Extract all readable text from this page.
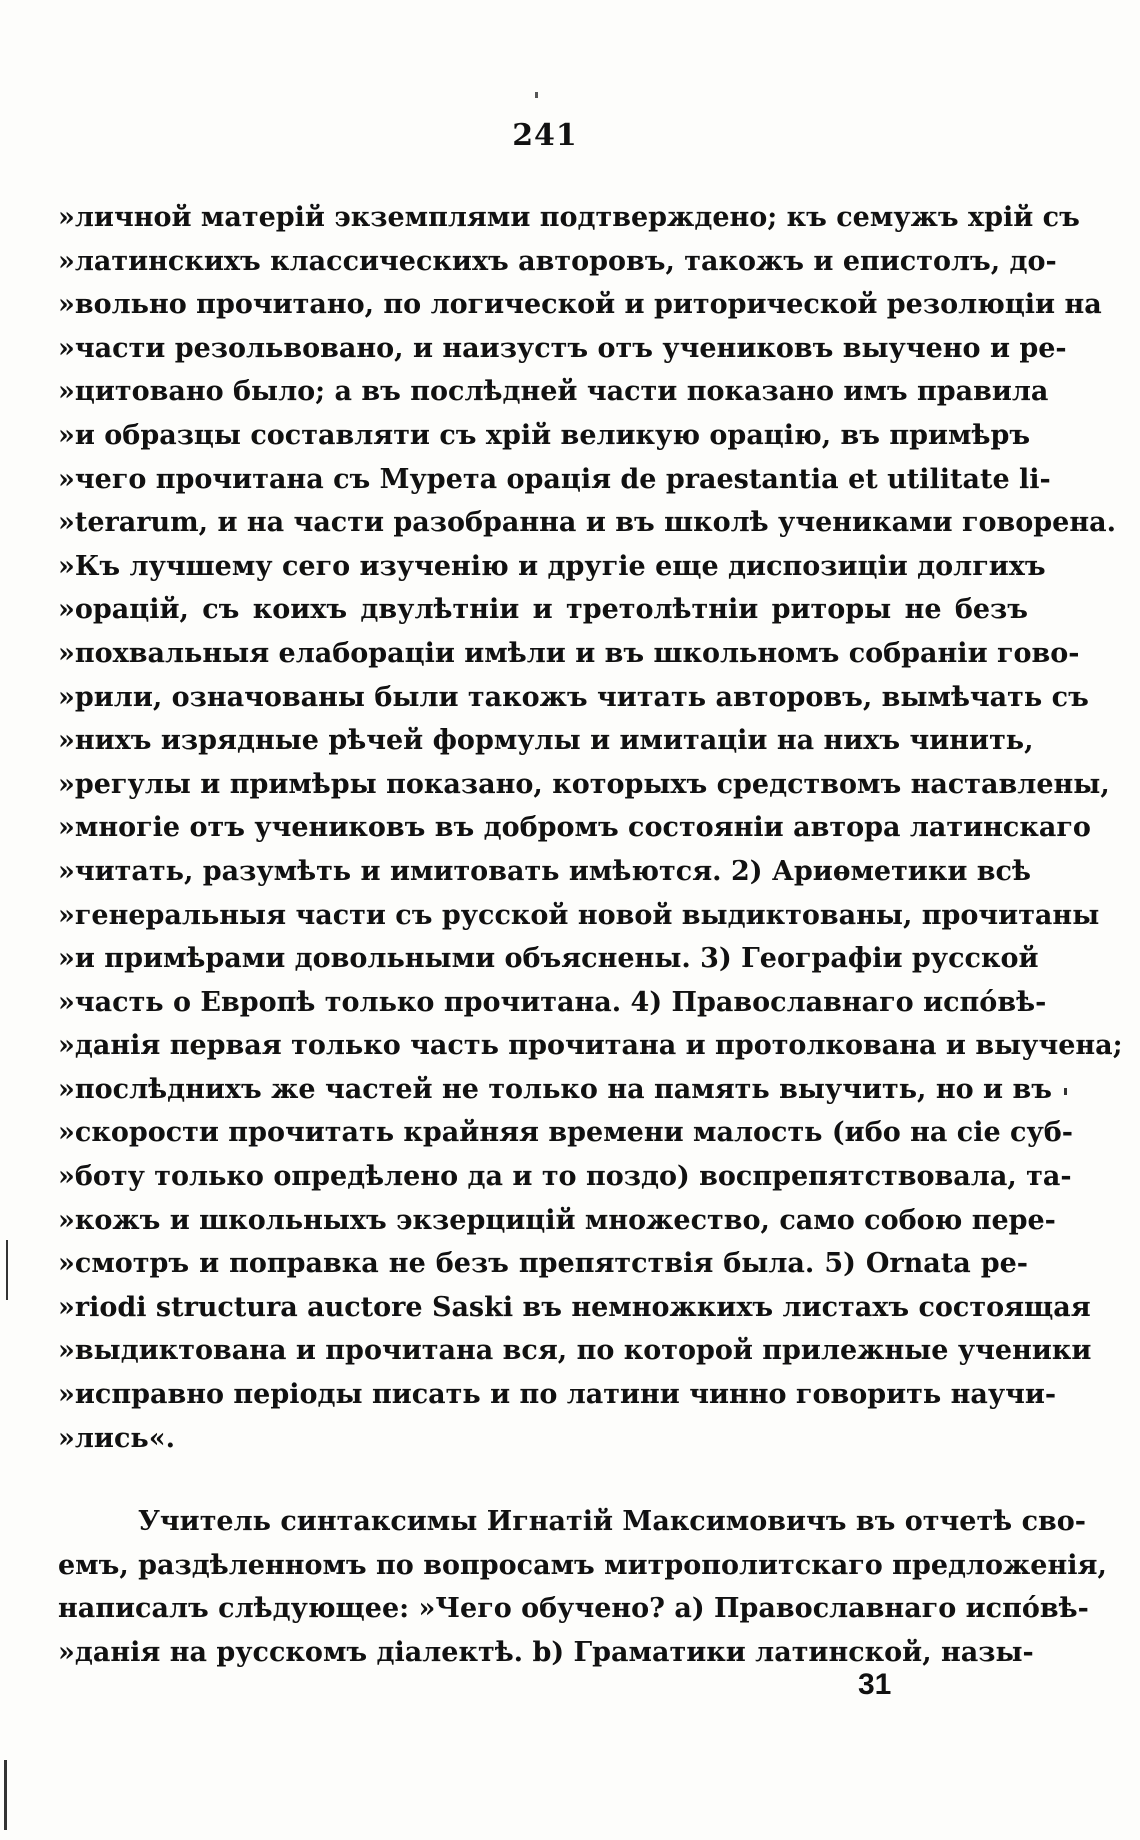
241
»личной матерій экземплями подтверждено; къ семужъ хрій съ
»латинскихъ классическихъ авторовъ, такожъ и епистолъ, до-
»вольно прочитано, по логической и риторической резолюціи на
»части резольвовано, и наизустъ отъ учениковъ выучено и ре-
»цитовано было; а въ послѣдней части показано имъ правила
»и образцы составляти съ хрій великую орацію, въ примѣръ
»чего прочитана съ Мурета орація de praestantia et utilitate li-
»terarum, и на части разобранна и въ школѣ учениками говорена.
»Къ лучшему сего изученію и другіе еще диспозиціи долгихъ
»орацій, съ коихъ двулѣтніи и третолѣтніи риторы не безъ
»похвальныя елабораціи имѣли и въ школьномъ собраніи гово-
»рили, означованы были такожъ читать авторовъ, вымѣчать съ
»нихъ изрядные рѣчей формулы и имитаціи на нихъ чинить,
»регулы и примѣры показано, которыхъ средствомъ наставлены,
»многіе отъ учениковъ въ добромъ состояніи автора латинскаго
»читать, разумѣть и имитовать имѣются. 2) Ариѳметики всѣ
»генеральныя части съ русской новой выдиктованы, прочитаны
»и примѣрами довольными объяснены. 3) Географіи русской
»часть о Европѣ только прочитана. 4) Православнаго испо́вѣ-
»данія первая только часть прочитана и протолкована и выучена;
»послѣднихъ же частей не только на память выучить, но и въ
»скорости прочитать крайняя времени малость (ибо на сіе суб-
»боту только опредѣлено да и то поздо) воспрепятствовала, та-
»кожъ и школьныхъ экзерцицій множество, само собою пере-
»смотръ и поправка не безъ препятствія была. 5) Ornata pe-
»riodi structura auctore Saski въ немножкихъ листахъ состоящая
»выдиктована и прочитана вся, по которой прилежные ученики
»исправно періоды писать и по латини чинно говорить научи-
»лись«.
Учитель синтаксимы Игнатій Максимовичъ въ отчетѣ сво-
емъ, раздѣленномъ по вопросамъ митрополитскаго предложенія,
написалъ слѣдующее: »Чего обучено? a) Православнаго испо́вѣ-
»данія на русскомъ діалектѣ. b) Граматики латинской, назы-
31
